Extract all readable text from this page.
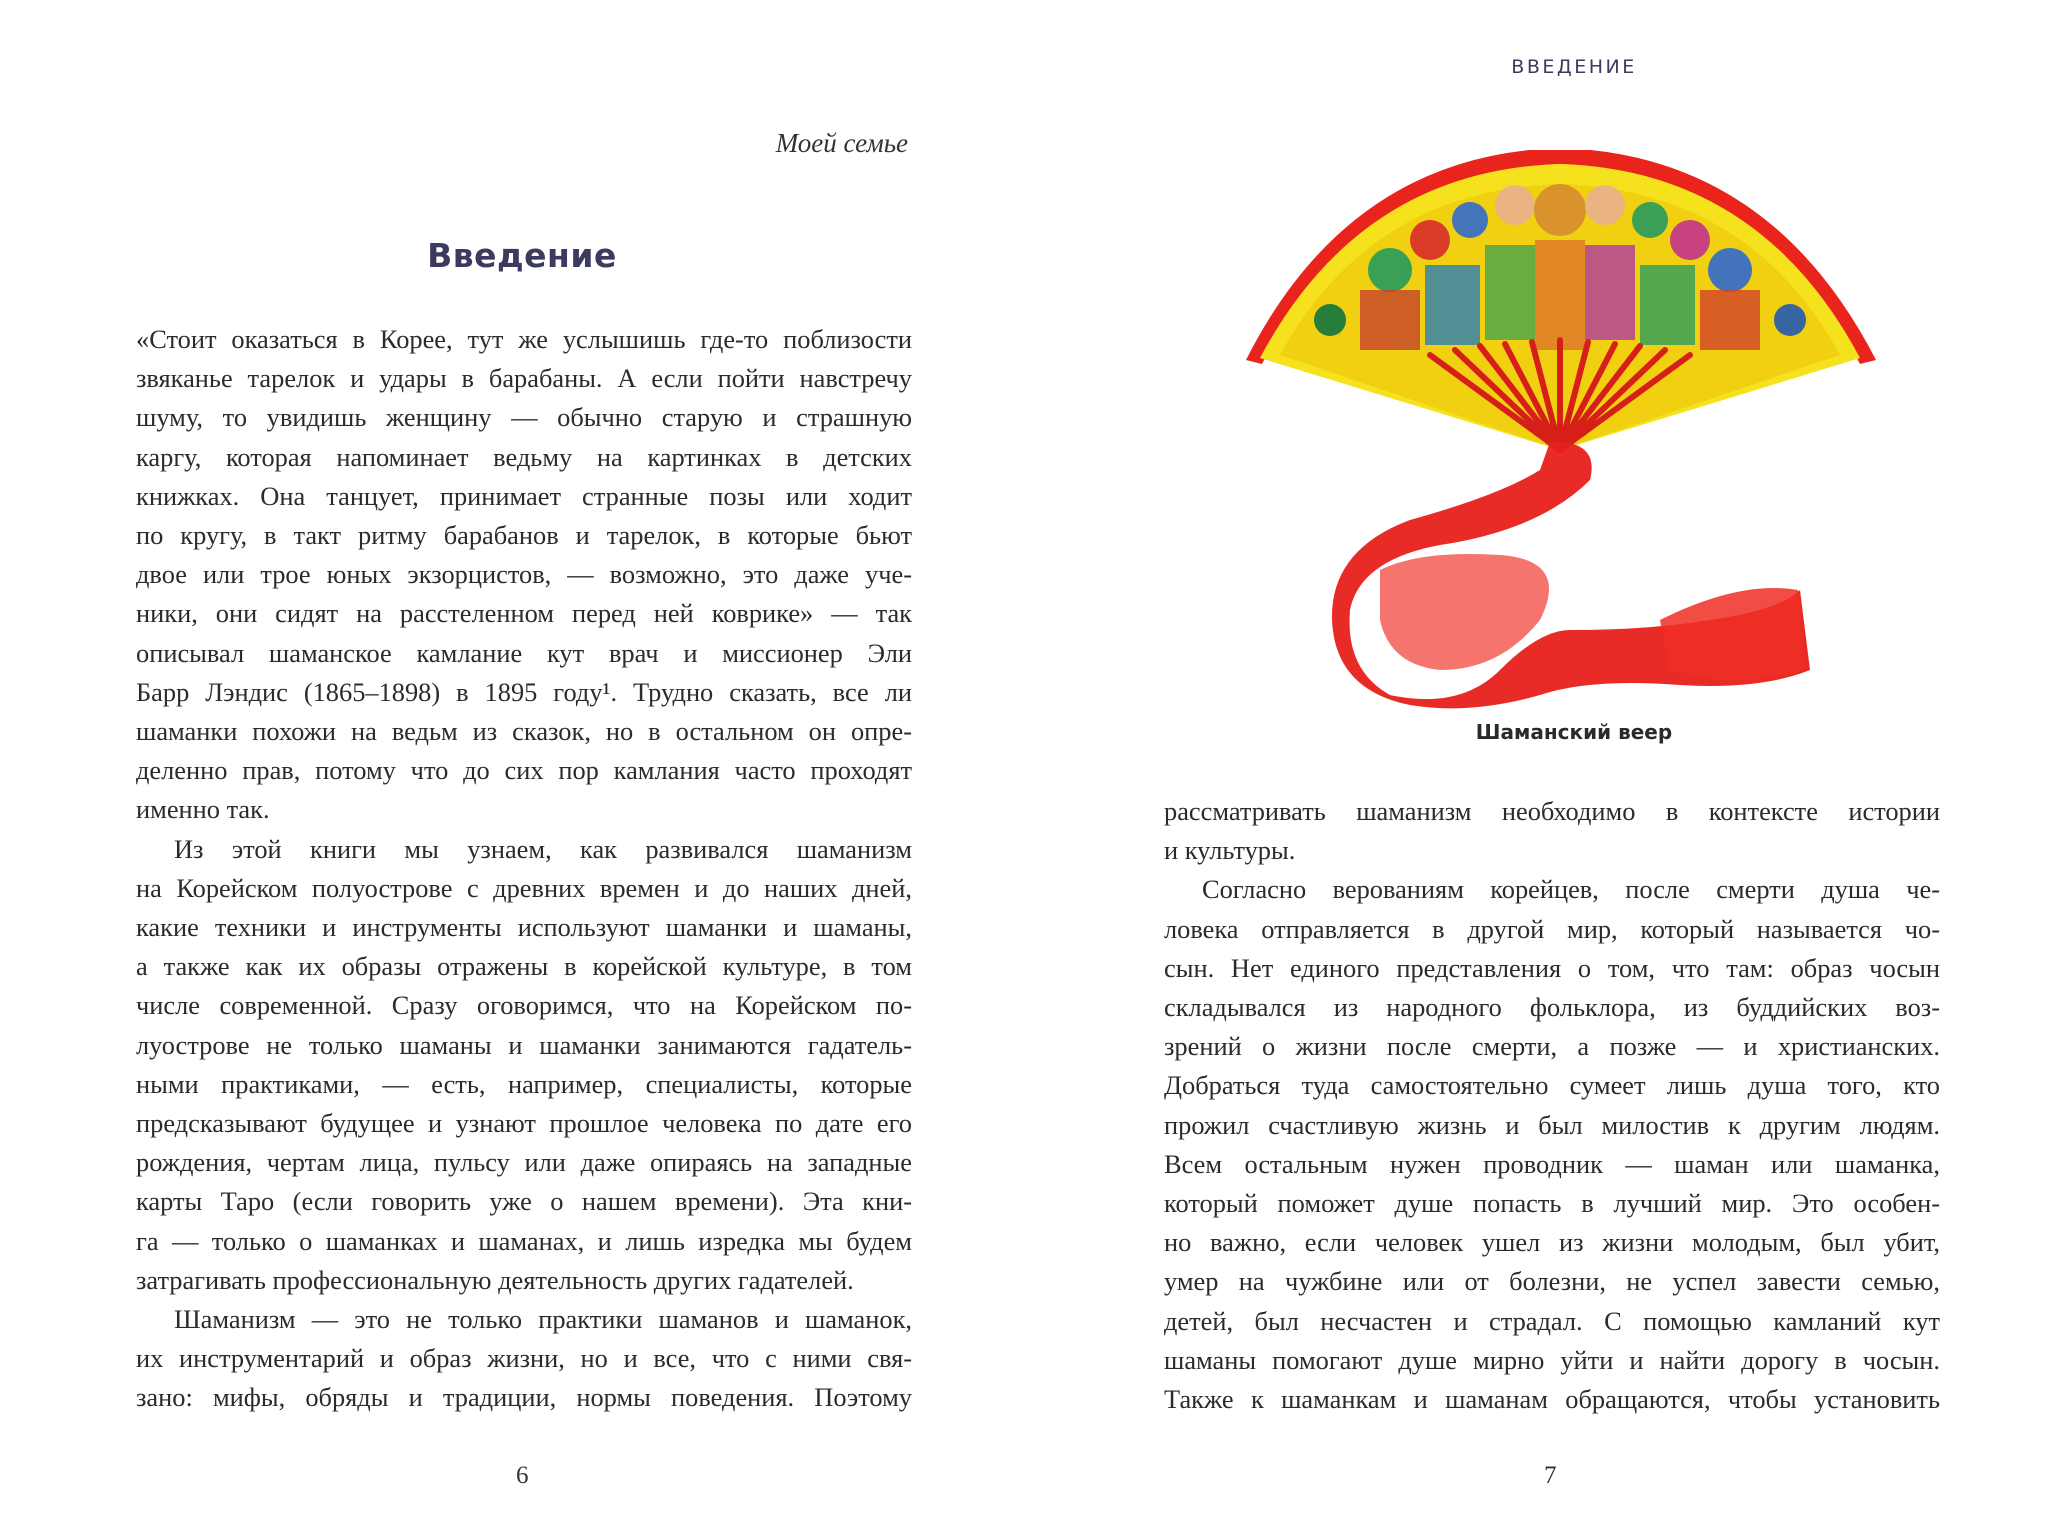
Моей семье
Введение
«Стоит оказаться в Корее, тут же услышишь где-то поблизости
звяканье тарелок и удары в барабаны. А если пойти навстречу
шуму, то увидишь женщину — обычно старую и страшную
каргу, которая напоминает ведьму на картинках в детских
книжках. Она танцует, принимает странные позы или ходит
по кругу, в такт ритму барабанов и тарелок, в которые бьют
двое или трое юных экзорцистов, — возможно, это даже уче-
ники, они сидят на расстеленном перед ней коврике» — так
описывал шаманское камлание кут врач и миссионер Эли
Барр Лэндис (1865–1898) в 1895 году¹. Трудно сказать, все ли
шаманки похожи на ведьм из сказок, но в остальном он опре-
деленно прав, потому что до сих пор камлания часто проходят
именно так.
Из этой книги мы узнаем, как развивался шаманизм
на Корейском полуострове с древних времен и до наших дней,
какие техники и инструменты используют шаманки и шаманы,
а также как их образы отражены в корейской культуре, в том
числе современной. Сразу оговоримся, что на Корейском по-
луострове не только шаманы и шаманки занимаются гадатель-
ными практиками, — есть, например, специалисты, которые
предсказывают будущее и узнают прошлое человека по дате его
рождения, чертам лица, пульсу или даже опираясь на западные
карты Таро (если говорить уже о нашем времени). Эта кни-
га — только о шаманках и шаманах, и лишь изредка мы будем
затрагивать профессиональную деятельность других гадателей.
Шаманизм — это не только практики шаманов и шаманок,
их инструментарий и образ жизни, но и все, что с ними свя-
зано: мифы, обряды и традиции, нормы поведения. Поэтому
6
ВВЕДЕНИЕ
Шаманский веер
рассматривать шаманизм необходимо в контексте истории
и культуры.
Согласно верованиям корейцев, после смерти душа че-
ловека отправляется в другой мир, который называется чо-
сын. Нет единого представления о том, что там: образ чосын
складывался из народного фольклора, из буддийских воз-
зрений о жизни после смерти, а позже — и христианских.
Добраться туда самостоятельно сумеет лишь душа того, кто
прожил счастливую жизнь и был милостив к другим людям.
Всем остальным нужен проводник — шаман или шаманка,
который поможет душе попасть в лучший мир. Это особен-
но важно, если человек ушел из жизни молодым, был убит,
умер на чужбине или от болезни, не успел завести семью,
детей, был несчастен и страдал. С помощью камланий кут
шаманы помогают душе мирно уйти и найти дорогу в чосын.
Также к шаманкам и шаманам обращаются, чтобы установить
7
